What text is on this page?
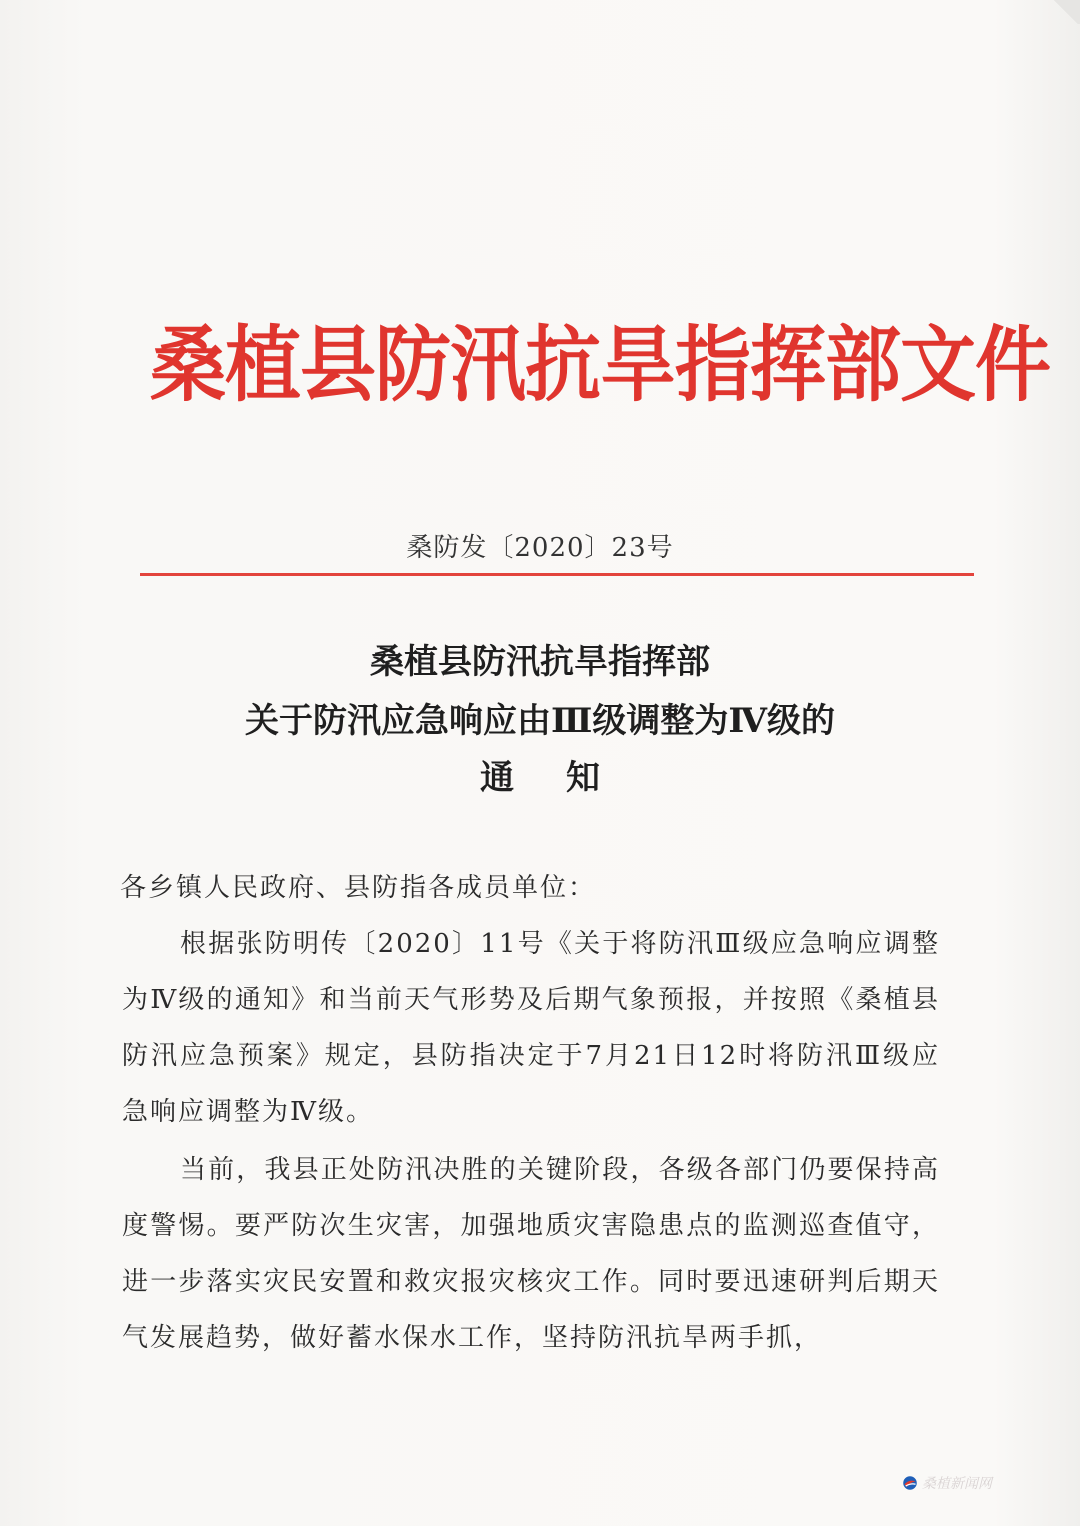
桑植县防汛抗旱指挥部文件
桑防发〔2020〕23号
桑植县防汛抗旱指挥部
关于防汛应急响应由Ⅲ级调整为Ⅳ级的
通知
各乡镇人民政府、县防指各成员单位：

根据张防明传〔2020〕11号《关于将防汛Ⅲ级应急响应调整为Ⅳ级的通知》和当前天气形势及后期气象预报，并按照《桑植县防汛应急预案》规定，县防指决定于7月21日12时将防汛Ⅲ级应急响应调整为Ⅳ级。

当前，我县正处防汛决胜的关键阶段，各级各部门仍要保持高度警惕。要严防次生灾害，加强地质灾害隐患点的监测巡查值守，进一步落实灾民安置和救灾报灾核灾工作。同时要迅速研判后期天气发展趋势，做好蓄水保水工作，坚持防汛抗旱两手抓，

桑植新闻网
